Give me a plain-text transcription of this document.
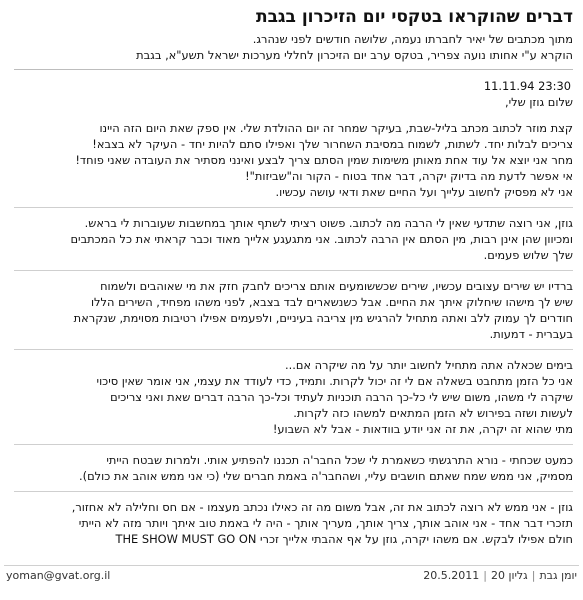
דברים שהוקראו בטקסי יום הזיכרון בגבת

מתוך מכתבים של יאיר לחברתו נעמה, שלושה חודשים לפני שנהרג.

הוקרא ע"י אחותו נועה צפריר, בטקס ערב יום הזיכרון לחללי מערכות ישראל תשע"א, בגבת

11.11.94 23:30

שלום גוזן שלי,

קצת מוזר לכתוב מכתב בליל-שבת, בעיקר שמחר זה יום ההולדת שלי. אין ספק שאת היום הזה היינו
צריכים לבלות יחד. לשתות, לשמוח במסיבת השחרור שלך ואפילו סתם להיות יחד - העיקר לא בצבא!
מחר אני יוצא אל עוד אחת מאותן משימות שמין הסתם צריך לבצע ואינני מסתיר את העובדה שאני פוחד!
אי אפשר לדעת מה בדיוק יקרה, דבר אחד בטוח - הקור וה"שביזות"!
אני לא מפסיק לחשוב עלייך ועל החיים שאת ודאי עושה עכשיו.

גוזן, אני רוצה שתדעי שאין לי הרבה מה לכתוב. פשוט רציתי לשתף אותך במחשבות שעוברות לי בראש.
ומכיוון שהן אינן רבות, מין הסתם אין הרבה לכתוב. אני מתגעגע אלייך מאוד וכבר קראתי את כל המכתבים
שלך שלוש פעמים.

ברדיו יש שירים עצובים עכשיו, שירים שכששומעים אותם צריכים לחבק חזק את מי שאוהבים ולשמוח
שיש לך מישהו שיחלוק איתך את החיים. אבל כשנשארים לבד בצבא, לפני משהו מפחיד, השירים הללו
חודרים לך עמוק ללב ואתה מתחיל להרגיש מין צריבה בעיניים, ולפעמים אפילו רטיבות מסוימת, שנקראת
בעברית - דמעות.

בימים שכאלה אתה מתחיל לחשוב יותר על מה שיקרה אם...
אני כל הזמן מתחבט בשאלה אם לי זה יכול לקרות. ותמיד, כדי לעודד את עצמי, אני אומר שאין סיכוי
שיקרה לי משהו, משום שיש לי כל-כך הרבה תוכניות לעתיד וכל-כך הרבה דברים שאת ואני צריכים
לעשות ושזה בפירוש לא הזמן המתאים למשהו כזה לקרות.
מתי שהוא זה יקרה, את זה אני יודע בוודאות - אבל לא השבוע!

כמעט שכחתי - נורא התרגשתי כשאמרת לי שכל החבר'ה תכננו להפתיע אותי. ולמרות שבטח הייתי
מסמיק, אני ממש שמח שאתם חושבים עליי, ושהחבר'ה באמת חברים שלי (כי אני ממש אוהב את כולם).

גוזן - אני ממש לא רוצה לכתוב את זה, אבל משום מה זה כאילו נכתב מעצמו - אם חס וחלילה לא אחזור,
תזכרי דבר אחד - אני אוהב אותך, צריך אותך, מעריך אותך - היה לי באמת טוב איתך ויותר מזה לא הייתי
חולם אפילו לבקש. אם משהו יקרה, גוזן על אף אהבתי אלייך זכרי THE SHOW MUST GO ON

yoman@gvat.org.il	יומן גבת
|
גליון 20
|
20.5.2011
